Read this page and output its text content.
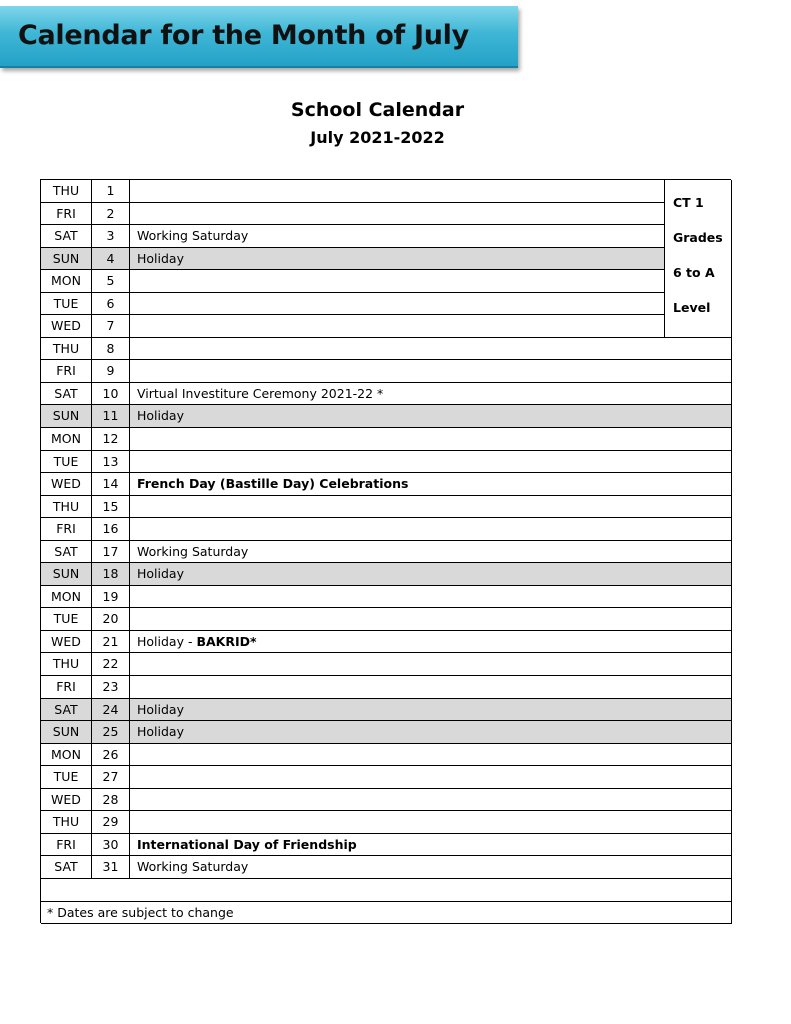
Calendar for the Month of July
School Calendar
July 2021-2022
CT 1
Grades
6 to A
Level
THU	1
FRI	2
SAT	3	Working Saturday
SUN	4	Holiday
MON	5
TUE	6
WED	7
THU	8
FRI	9
SAT	10	Virtual Investiture Ceremony 2021-22 *
SUN	11	Holiday
MON	12
TUE	13
WED	14	French Day (Bastille Day) Celebrations
THU	15
FRI	16
SAT	17	Working Saturday
SUN	18	Holiday
MON	19
TUE	20
WED	21	Holiday - BAKRID*
THU	22
FRI	23
SAT	24	Holiday
SUN	25	Holiday
MON	26
TUE	27
WED	28
THU	29
FRI	30	International Day of Friendship
SAT	31	Working Saturday
* Dates are subject to change
